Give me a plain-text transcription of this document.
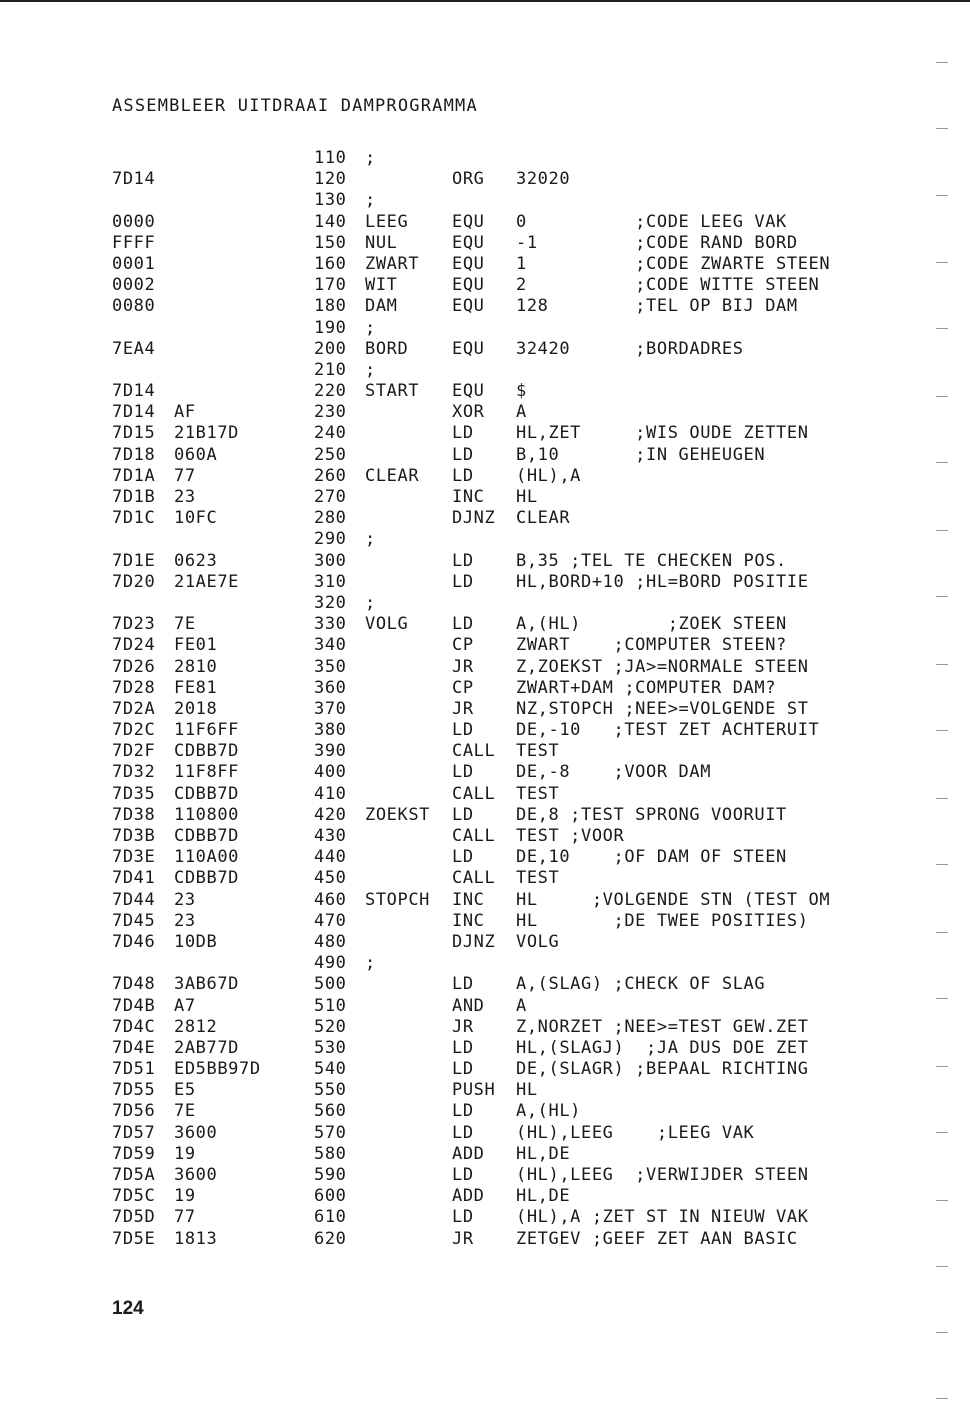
ASSEMBLEER UITDRAAI DAMPROGRAMMA
110 ;
7D14	120	ORG 32020
130 ;
0000	140 LEEG	EQU 0          ;CODE LEEG VAK
FFFF	150 NUL	EQU -1         ;CODE RAND BORD
0001	160 ZWART EQU 1          ;CODE ZWARTE STEEN
0002	170 WIT	EQU 2          ;CODE WITTE STEEN
0080	180 DAM	EQU 128        ;TEL OP BIJ DAM
190 ;
7EA4	200 BORD	EQU 32420      ;BORDADRES
210 ;
7D14	220 START EQU $
7D14 AF	230	XOR A
7D15 21B17D	240	LD HL,ZET     ;WIS OUDE ZETTEN
7D18 060A	250	LD B,10       ;IN GEHEUGEN
7D1A 77	260 CLEAR LD (HL),A
7D1B 23	270	INC HL
7D1C 10FC	280	DJNZ CLEAR
290 ;
7D1E 0623	300	LD B,35 ;TEL TE CHECKEN POS.
7D20 21AE7E	310	LD HL,BORD+10 ;HL=BORD POSITIE
320 ;
7D23 7E	330 VOLG	LD A,(HL)        ;ZOEK STEEN
7D24 FE01	340	CP ZWART    ;COMPUTER STEEN?
7D26 2810	350	JR Z,ZOEKST ;JA>=NORMALE STEEN
7D28 FE81	360	CP ZWART+DAM ;COMPUTER DAM?
7D2A 2018	370	JR NZ,STOPCH ;NEE>=VOLGENDE ST
7D2C 11F6FF	380	LD DE,-10   ;TEST ZET ACHTERUIT
7D2F CDBB7D	390	CALL TEST
7D32 11F8FF	400	LD DE,-8    ;VOOR DAM
7D35 CDBB7D	410	CALL TEST
7D38 110800	420 ZOEKST LD DE,8 ;TEST SPRONG VOORUIT
7D3B CDBB7D	430	CALL TEST ;VOOR
7D3E 110A00	440	LD DE,10    ;OF DAM OF STEEN
7D41 CDBB7D	450	CALL TEST
7D44 23	460 STOPCH INC HL     ;VOLGENDE STN (TEST OM
7D45 23	470	INC HL       ;DE TWEE POSITIES)
7D46 10DB	480	DJNZ VOLG
490 ;
7D48 3AB67D	500	LD A,(SLAG) ;CHECK OF SLAG
7D4B A7	510	AND A
7D4C 2812	520	JR Z,NORZET ;NEE>=TEST GEW.ZET
7D4E 2AB77D	530	LD HL,(SLAGJ)  ;JA DUS DOE ZET
7D51 ED5BB97D	540	LD DE,(SLAGR) ;BEPAAL RICHTING
7D55 E5	550	PUSH HL
7D56 7E	560	LD A,(HL)
7D57 3600	570	LD (HL),LEEG    ;LEEG VAK
7D59 19	580	ADD HL,DE
7D5A 3600	590	LD (HL),LEEG  ;VERWIJDER STEEN
7D5C 19	600	ADD HL,DE
7D5D 77	610	LD (HL),A ;ZET ST IN NIEUW VAK
7D5E 1813	620	JR ZETGEV ;GEEF ZET AAN BASIC
124
